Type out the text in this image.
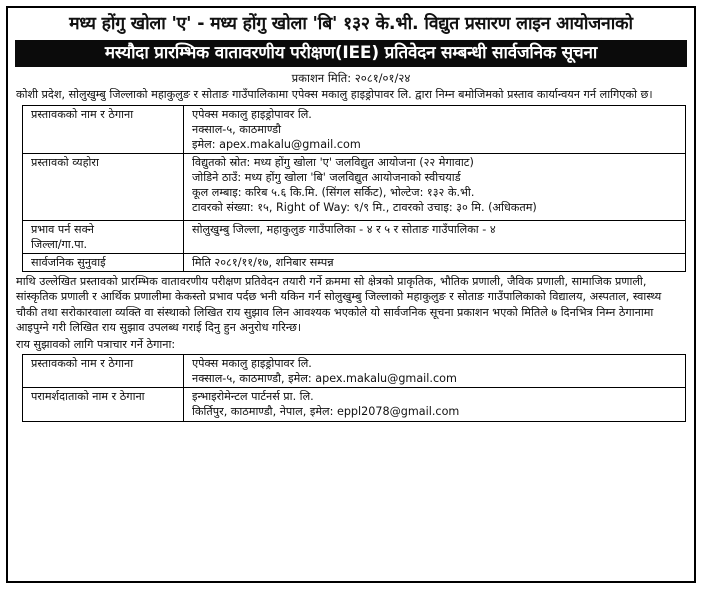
मध्य होंगु खोला 'ए' - मध्य होंगु खोला 'बि' १३२ के.भी. विद्युत प्रसारण लाइन आयोजनाको
मस्यौदा प्रारम्भिक वातावरणीय परीक्षण(IEE) प्रतिवेदन सम्बन्धी सार्वजनिक सूचना
प्रकाशन मिति: २०८१/०१/२४
कोशी प्रदेश, सोलुखुम्बु जिल्लाको महाकुलुङ र सोताङ गाउँपालिकामा एपेक्स मकालु हाइड्रोपावर लि. द्वारा निम्न बमोजिमको प्रस्ताव कार्यान्वयन गर्न लागिएको छ।
प्रस्तावकको नाम र ठेगाना	एपेक्स मकालु हाइड्रोपावर लि.
नक्साल-५, काठमाण्डौ
इमेल: apex.makalu@gmail.com

प्रस्तावको व्यहोरा	विद्युतको स्रोत: मध्य होंगु खोला 'ए' जलविद्युत आयोजना (२२ मेगावाट)
जोडिने ठाउँ: मध्य होंगु खोला 'बि' जलविद्युत आयोजनाको स्वीचयार्ड
कूल लम्बाइ: करिब ५.६ कि.मि. (सिंगल सर्किट), भोल्टेज: १३२ के.भी.
टावरको संख्या: १५, Right of Way: ९/९ मि., टावरको उचाइ: ३० मि. (अधिकतम)

प्रभाव पर्न सक्ने
जिल्ला/गा.पा.	सोलुखुम्बु जिल्ला, महाकुलुङ गाउँपालिका - ४ र ५ र सोताङ गाउँपालिका - ४
सार्वजनिक सुनुवाई	मिति २०८१/११/१७, शनिबार सम्पन्न
माथि उल्लेखित प्रस्तावको प्रारम्भिक वातावरणीय परीक्षण प्रतिवेदन तयारी गर्ने क्रममा सो क्षेत्रको प्राकृतिक, भौतिक प्रणाली, जैविक प्रणाली, सामाजिक प्रणाली, सांस्कृतिक प्रणाली र आर्थिक प्रणालीमा केकस्तो प्रभाव पर्दछ भनी यकिन गर्न सोलुखुम्बु जिल्लाको महाकुलुङ र सोताङ गाउँपालिकाको विद्यालय, अस्पताल, स्वास्थ्य चौकी तथा सरोकारवाला व्यक्ति वा संस्थाको लिखित राय सुझाव लिन आवश्यक भएकोले यो सार्वजनिक सूचना प्रकाशन भएको मितिले ७ दिनभित्र निम्न ठेगानामा आइपुग्ने गरी लिखित राय सुझाव उपलब्ध गराई दिनु हुन अनुरोध गरिन्छ।
राय सुझावको लागि पत्राचार गर्ने ठेगाना:
प्रस्तावकको नाम र ठेगाना	एपेक्स मकालु हाइड्रोपावर लि.
नक्साल-५, काठमाण्डौ, इमेल: apex.makalu@gmail.com

परामर्शदाताको नाम र ठेगाना	इन्भाइरोमेन्टल पार्टनर्स प्रा. लि.
किर्तिपुर, काठमाण्डौ, नेपाल, इमेल: eppl2078@gmail.com
